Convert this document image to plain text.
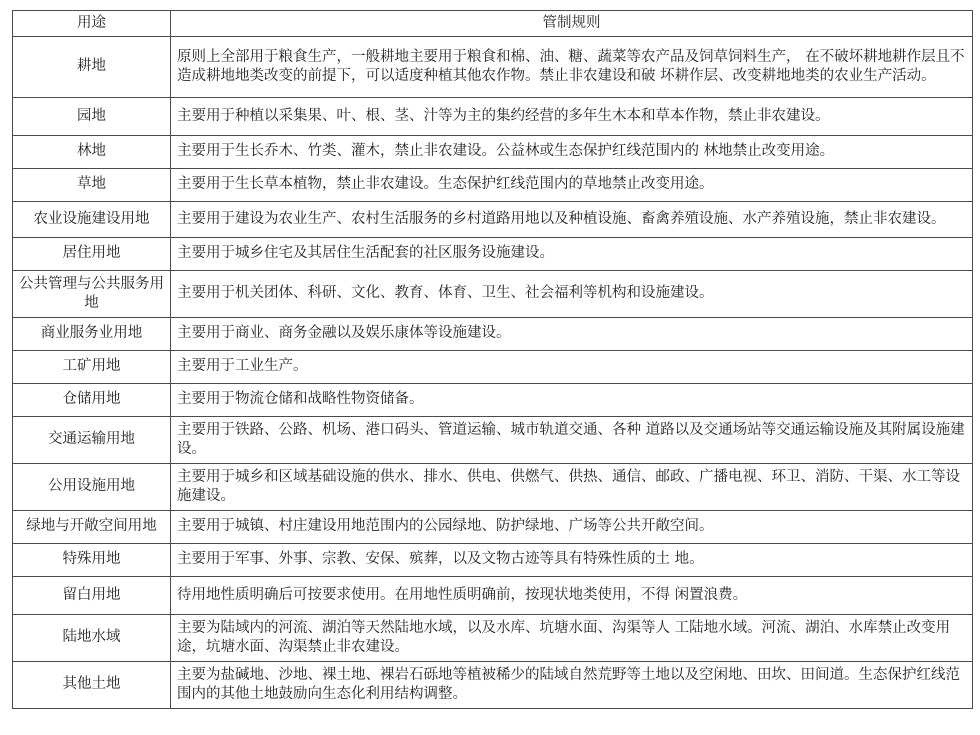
用途	管制规则
耕地	原则上全部用于粮食生产，一般耕地主要用于粮食和棉、油、糖、蔬菜等农产品及饲草饲料生产， 在不破坏耕地耕作层且不造成耕地地类改变的前提下，可以适度种植其他农作物。禁止非农建设和破 坏耕作层、改变耕地地类的农业生产活动。
园地	主要用于种植以采集果、叶、根、茎、汁等为主的集约经营的多年生木本和草本作物，禁止非农建设。
林地	主要用于生长乔木、竹类、灌木，禁止非农建设。公益林或生态保护红线范围内的 林地禁止改变用途。
草地	主要用于生长草本植物，禁止非农建设。生态保护红线范围内的草地禁止改变用途。
农业设施建设用地	主要用于建设为农业生产、农村生活服务的乡村道路用地以及种植设施、畜禽养殖设施、水产养殖设施，禁止非农建设。
居住用地	主要用于城乡住宅及其居住生活配套的社区服务设施建设。
公共管理与公共服务用地	主要用于机关团体、科研、文化、教育、体育、卫生、社会福利等机构和设施建设。
商业服务业用地	主要用于商业、商务金融以及娱乐康体等设施建设。
工矿用地	主要用于工业生产。
仓储用地	主要用于物流仓储和战略性物资储备。
交通运输用地	主要用于铁路、公路、机场、港口码头、管道运输、城市轨道交通、各种 道路以及交通场站等交通运输设施及其附属设施建设。
公用设施用地	主要用于城乡和区域基础设施的供水、排水、供电、供燃气、供热、通信、邮政、广播电视、环卫、消防、干渠、水工等设施建设。
绿地与开敞空间用地	主要用于城镇、村庄建设用地范围内的公园绿地、防护绿地、广场等公共开敞空间。
特殊用地	主要用于军事、外事、宗教、安保、殡葬，以及文物古迹等具有特殊性质的土 地。
留白用地	待用地性质明确后可按要求使用。在用地性质明确前，按现状地类使用，不得 闲置浪费。
陆地水域	主要为陆域内的河流、湖泊等天然陆地水域，以及水库、坑塘水面、沟渠等人 工陆地水域。河流、湖泊、水库禁止改变用途，坑塘水面、沟渠禁止非农建设。
其他土地	主要为盐碱地、沙地、裸土地、裸岩石砾地等植被稀少的陆域自然荒野等土地以及空闲地、田坎、田间道。生态保护红线范围内的其他土地鼓励向生态化利用结构调整。
